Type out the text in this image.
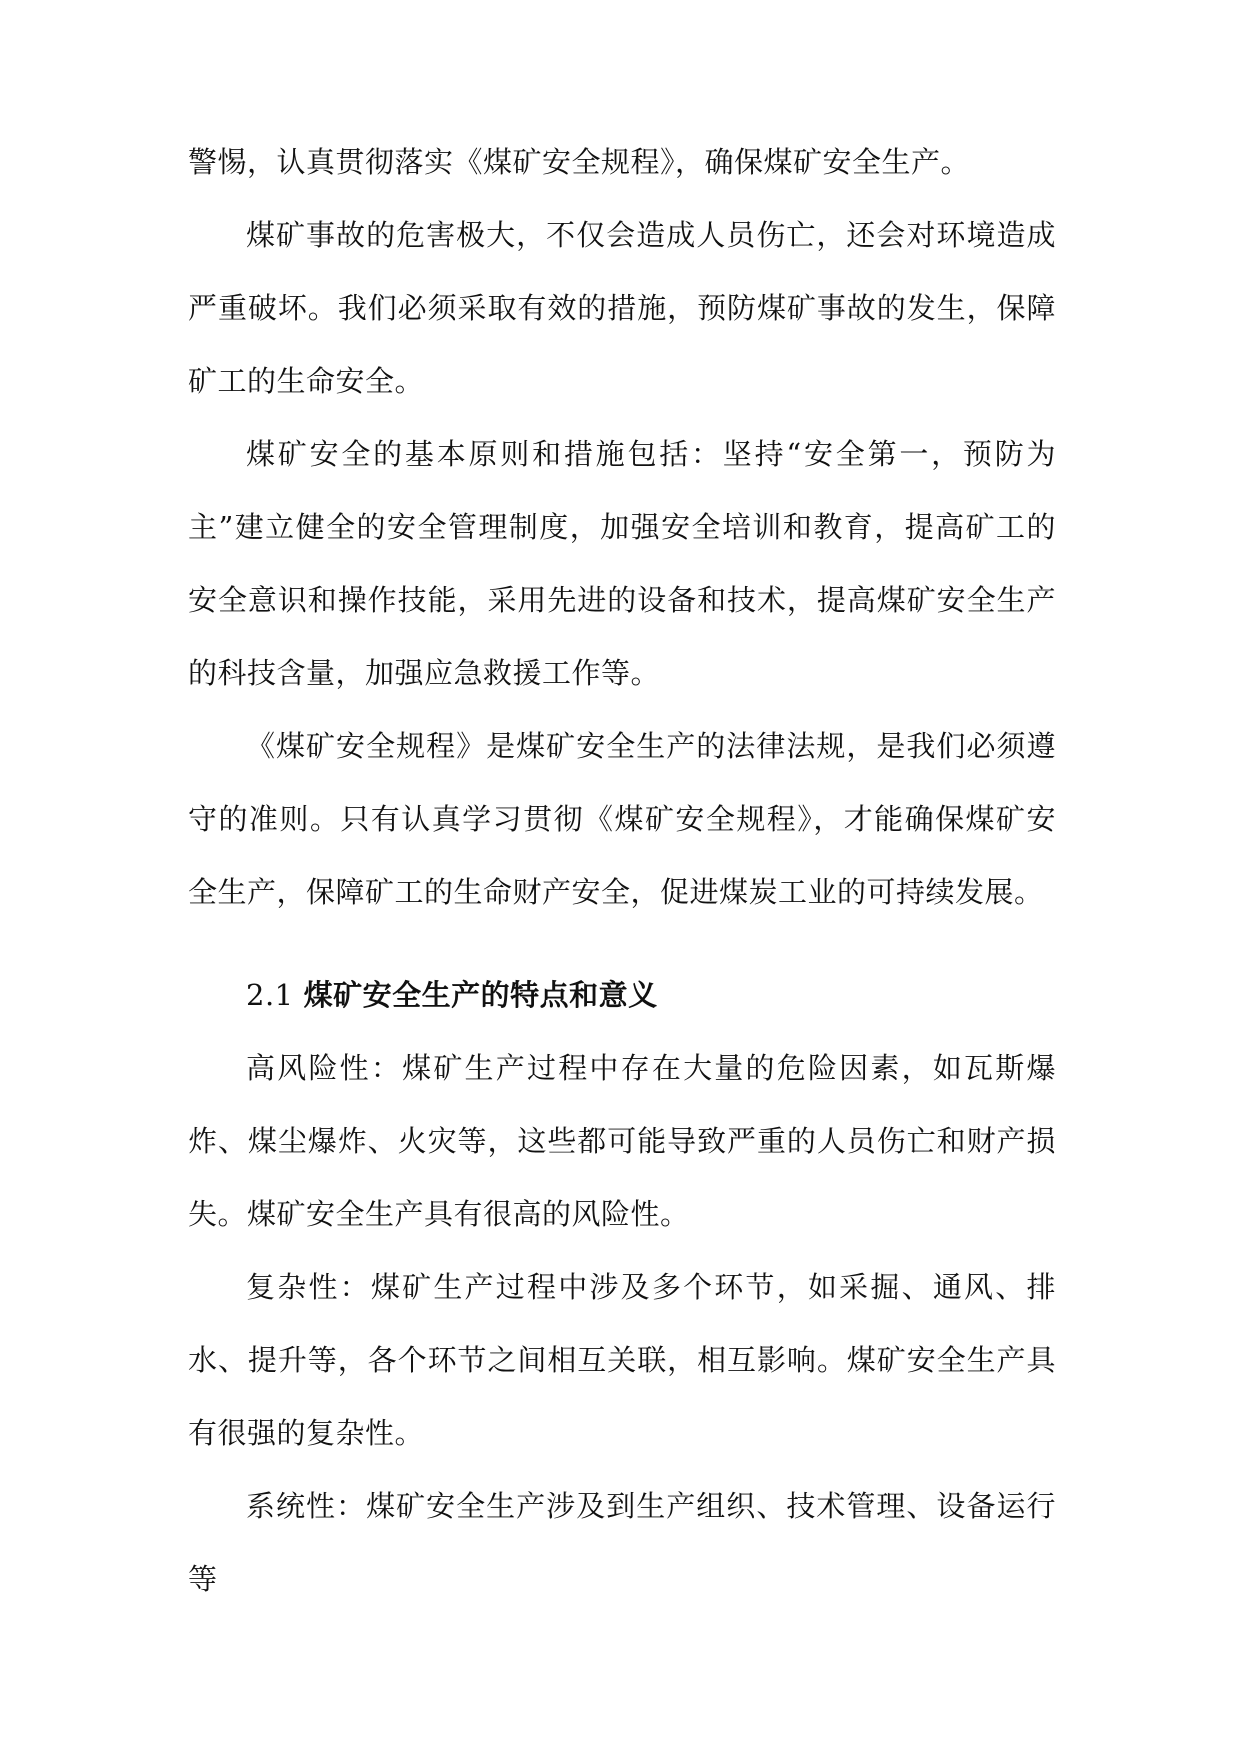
警惕，认真贯彻落实《煤矿安全规程》，确保煤矿安全生产。

煤矿事故的危害极大，不仅会造成人员伤亡，还会对环境造成严重破坏。我们必须采取有效的措施，预防煤矿事故的发生，保障矿工的生命安全。

煤矿安全的基本原则和措施包括：坚持“安全第一，预防为主”建立健全的安全管理制度，加强安全培训和教育，提高矿工的安全意识和操作技能，采用先进的设备和技术，提高煤矿安全生产的科技含量，加强应急救援工作等。

《煤矿安全规程》是煤矿安全生产的法律法规，是我们必须遵守的准则。只有认真学习贯彻《煤矿安全规程》，才能确保煤矿安全生产，保障矿工的生命财产安全，促进煤炭工业的可持续发展。

2.1 煤矿安全生产的特点和意义

高风险性：煤矿生产过程中存在大量的危险因素，如瓦斯爆炸、煤尘爆炸、火灾等，这些都可能导致严重的人员伤亡和财产损失。煤矿安全生产具有很高的风险性。

复杂性：煤矿生产过程中涉及多个环节，如采掘、通风、排水、提升等，各个环节之间相互关联，相互影响。煤矿安全生产具有很强的复杂性。

系统性：煤矿安全生产涉及到生产组织、技术管理、设备运行等
